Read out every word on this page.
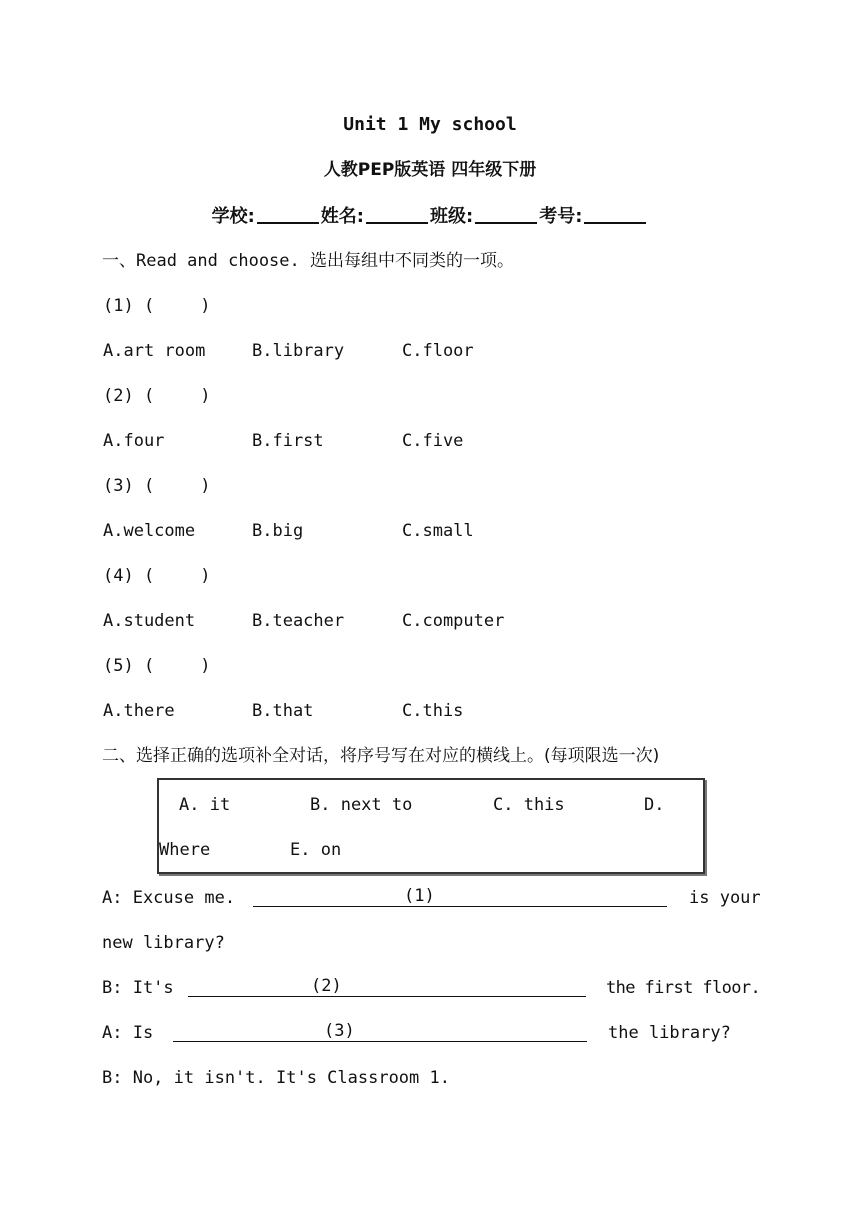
Unit 1 My school
人教PEP版英语 四年级下册
学校:	姓名:	班级:	考号:
一、Read and choose. 选出每组中不同类的一项。
(1) (	)
A.art room	B.library	C.floor
(2) (	)
A.four	B.first	C.five
(3) (	)
A.welcome	B.big	C.small
(4) (	)
A.student	B.teacher	C.computer
(5) (	)
A.there	B.that	C.this
二、选择正确的选项补全对话，将序号写在对应的横线上。(每项限选一次)
A. it	B. next to	C. this	D.
Where	E. on
A: Excuse me.	(1)	is your
new library?
B: It's	(2)	the first floor.
A: Is	(3)	the library?
B: No, it isn't. It's Classroom 1.
